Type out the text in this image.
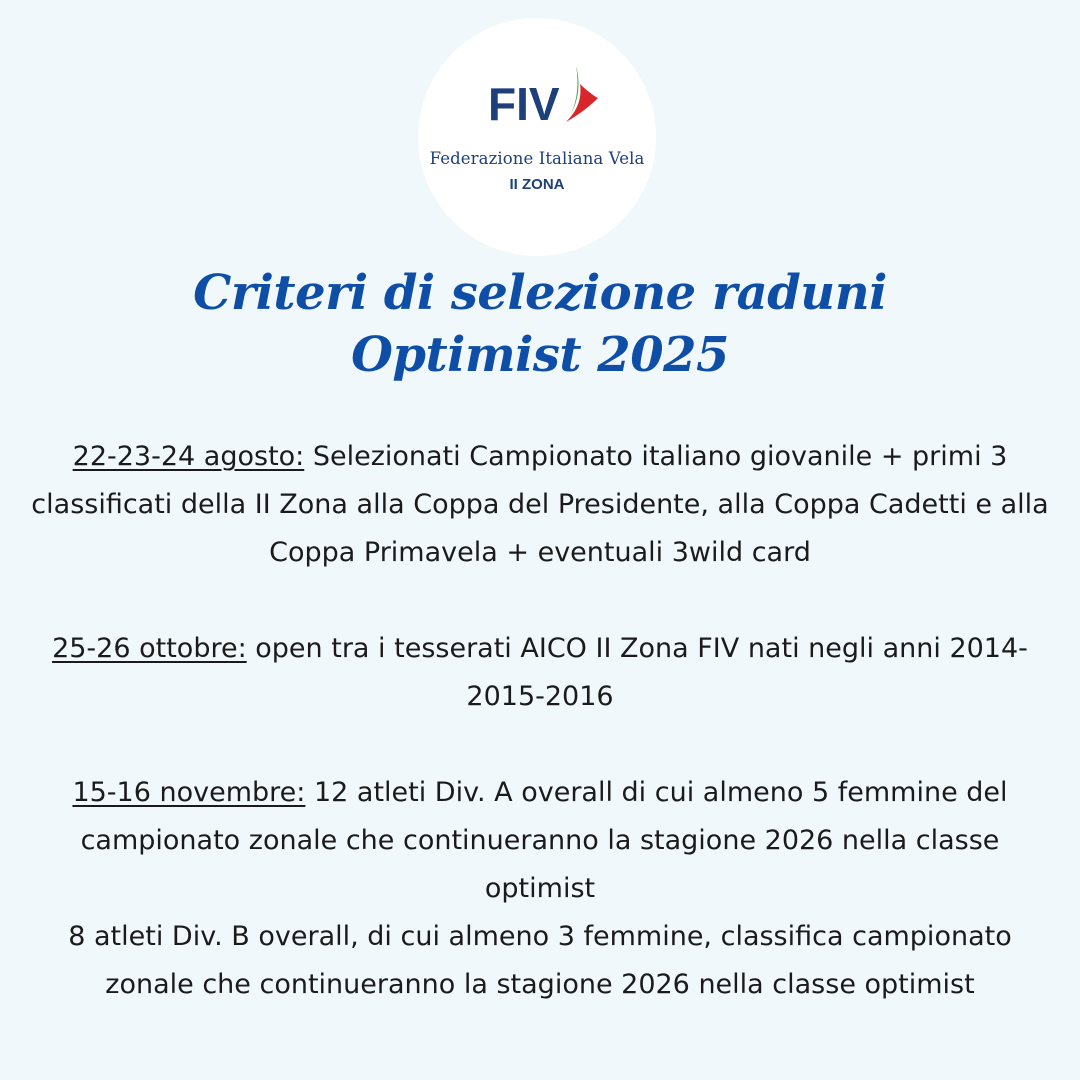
FIV
Federazione Italiana Vela
II ZONA
Criteri di selezione raduni
Optimist 2025

22-23-24 agosto: Selezionati Campionato italiano giovanile + primi 3 classificati della II Zona alla Coppa del Presidente, alla Coppa Cadetti e alla Coppa Primavela + eventuali 3wild card

25-26 ottobre: open tra i tesserati AICO II Zona FIV nati negli anni 2014-2015-2016

15-16 novembre: 12 atleti Div. A overall di cui almeno 5 femmine del campionato zonale che continueranno la stagione 2026 nella classe optimist
8 atleti Div. B overall, di cui almeno 3 femmine, classifica campionato zonale che continueranno la stagione 2026 nella classe optimist
